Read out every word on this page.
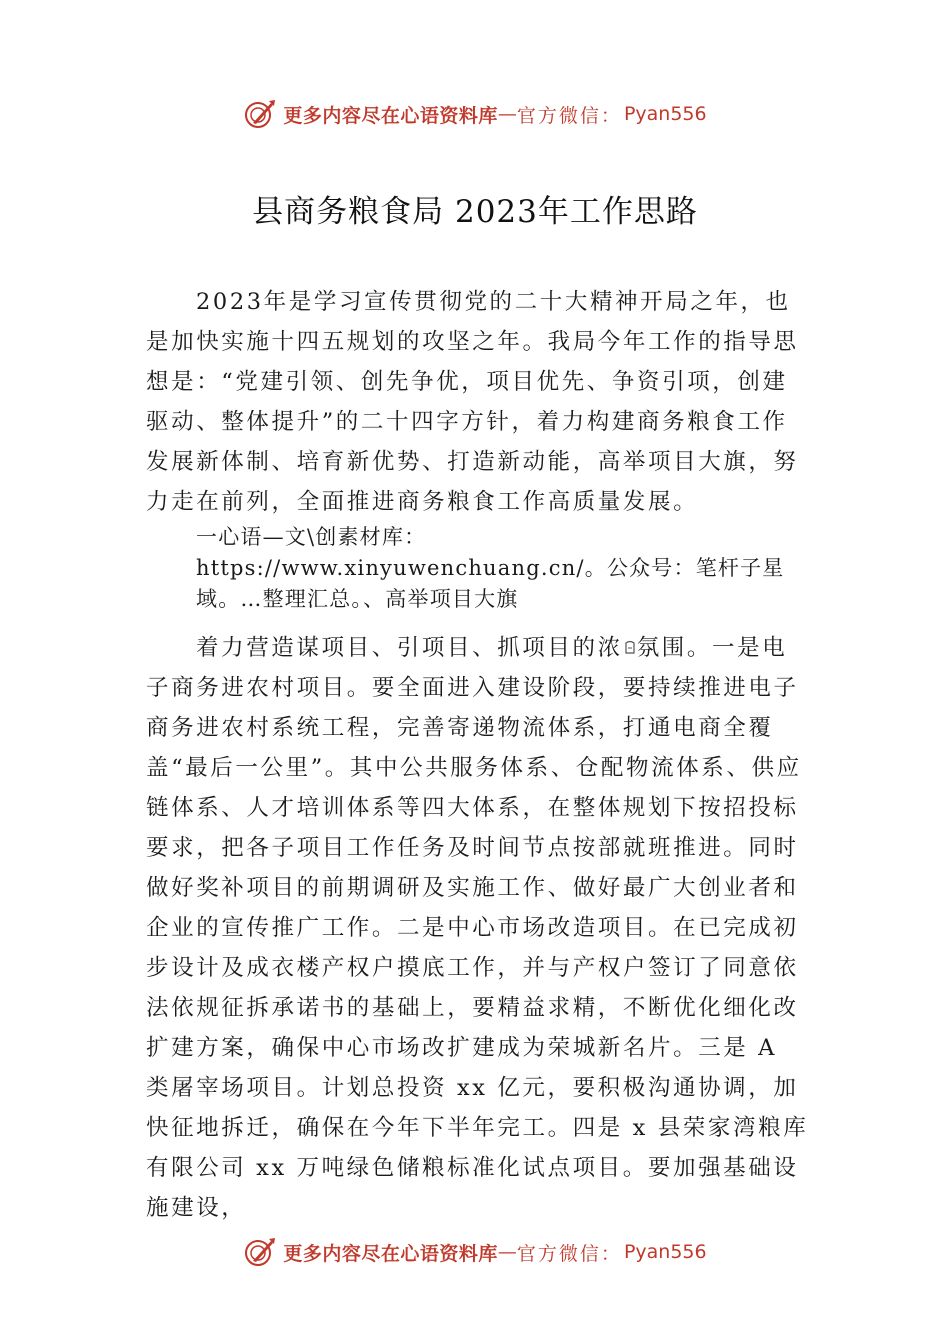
更多内容尽在心语资料库 — 官方微信： Pyan556
县商务粮食局 2023年工作思路

2023年是学习宣传贯彻党的二十大精神开局之年，也是加快实施十四五规划的攻坚之年。我局今年工作的指导思想是：“党建引领、创先争优，项目优先、争资引项，创建驱动、整体提升”的二十四字方针，着力构建商务粮食工作发展新体制、培育新优势、打造新动能，高举项目大旗，努力走在前列，全面推进商务粮食工作高质量发展。

一心语—文\创素材库：https://www.xinyuwenchuang.cn/。公众号：笔杆子星域。…整理汇总。、高举项目大旗

着力营造谋项目、引项目、抓项目的浓 氛围。一是电子商务进农村项目。要全面进入建设阶段，要持续推进电子商务进农村系统工程，完善寄递物流体系，打通电商全覆盖“最后一公里”。其中公共服务体系、仓配物流体系、供应链体系、人才培训体系等四大体系，在整体规划下按招投标要求，把各子项目工作任务及时间节点按部就班推进。同时做好奖补项目的前期调研及实施工作、做好最广大创业者和企业的宣传推广工作。二是中心市场改造项目。在已完成初步设计及成衣楼产权户摸底工作，并与产权户签订了同意依法依规征拆承诺书的基础上，要精益求精，不断优化细化改扩建方案，确保中心市场改扩建成为荣城新名片。三是 A 类屠宰场项目。计划总投资 xx 亿元，要积极沟通协调，加快征地拆迁，确保在今年下半年完工。四是 x 县荣家湾粮库有限公司 xx 万吨绿色储粮标准化试点项目。要加强基础设施建设，

更多内容尽在心语资料库 — 官方微信： Pyan556
